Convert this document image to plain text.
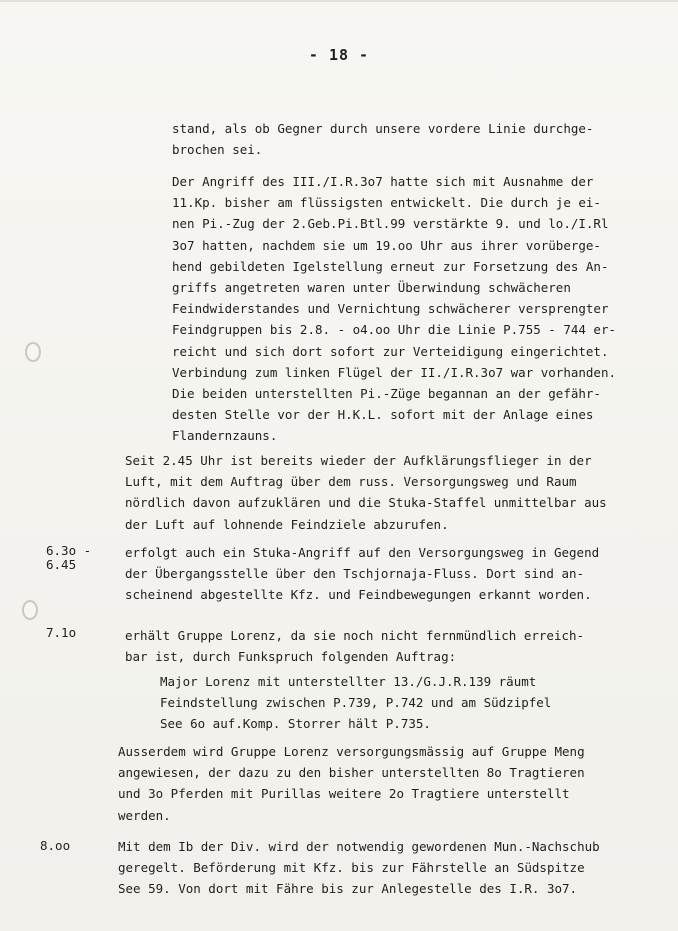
- 18 -

stand, als ob Gegner durch unsere vordere Linie durchge-
brochen sei.

Der Angriff des III./I.R.3o7 hatte sich mit Ausnahme der
11.Kp. bisher am flüssigsten entwickelt. Die durch je ei-
nen Pi.-Zug der 2.Geb.Pi.Btl.99 verstärkte 9. und lo./I.Rl
3o7 hatten, nachdem sie um 19.oo Uhr aus ihrer vorüberge-
hend gebildeten Igelstellung erneut zur Forsetzung des An-
griffs angetreten waren unter Überwindung schwächeren
Feindwiderstandes und Vernichtung schwächerer versprengter
Feindgruppen bis 2.8. - o4.oo Uhr die Linie P.755 - 744 er-
reicht und sich dort sofort zur Verteidigung eingerichtet.
Verbindung zum linken Flügel der II./I.R.3o7 war vorhanden.
Die beiden unterstellten Pi.-Züge begannan an der gefähr-
desten Stelle vor der H.K.L. sofort mit der Anlage eines
Flandernzauns.

Seit 2.45 Uhr ist bereits wieder der Aufklärungsflieger in der
Luft, mit dem Auftrag über dem russ. Versorgungsweg und Raum
nördlich davon aufzuklären und die Stuka-Staffel unmittelbar aus
der Luft auf lohnende Feindziele abzurufen.

6.3o -
6.45

erfolgt auch ein Stuka-Angriff auf den Versorgungsweg in Gegend
der Übergangsstelle über den Tschjornaja-Fluss. Dort sind an-
scheinend abgestellte Kfz. und Feindbewegungen erkannt worden.

7.1o	erhält Gruppe Lorenz, da sie noch nicht fernmündlich erreich-
bar ist, durch Funkspruch folgenden Auftrag:

Major Lorenz mit unterstellter 13./G.J.R.139 räumt
Feindstellung zwischen P.739, P.742 und am Südzipfel
See 6o auf.Komp. Storrer hält P.735.

Ausserdem wird Gruppe Lorenz versorgungsmässig auf Gruppe Meng
angewiesen, der dazu zu den bisher unterstellten 8o Tragtieren
und 3o Pferden mit Purillas weitere 2o Tragtiere unterstellt
werden.

8.oo	Mit dem Ib der Div. wird der notwendig gewordenen Mun.-Nachschub
geregelt. Beförderung mit Kfz. bis zur Fährstelle an Südspitze
See 59. Von dort mit Fähre bis zur Anlegestelle des I.R. 3o7.
